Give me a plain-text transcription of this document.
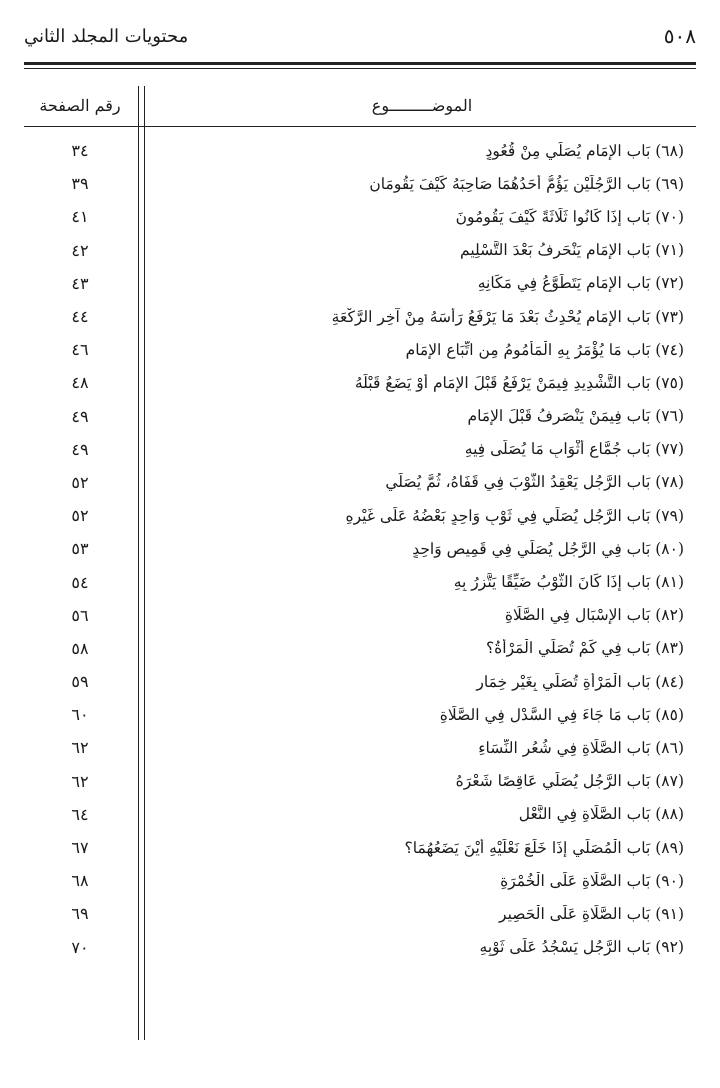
محتويات المجلد الثاني	٥٠٨
الموضـــــــــوع
رقم الصفحة
(٦٨) بَاب الإمَامِ يُصَلِّي مِنْ قُعُودٍ
٣٤
(٦٩) بَاب الرَّجُلَيْنِ يَؤُمُّ أَحَدُهُمَا صَاحِبَهُ كَيْفَ يَقُومَانِ
٣٩
(٧٠) بَاب إِذَا كَانُوا ثَلَاثَةً كَيْفَ يَقُومُونَ
٤١
(٧١) بَاب الإِمَامِ يَنْحَرِفُ بَعْدَ التَّسْلِيمِ
٤٢
(٧٢) بَاب الإِمَامِ يَتَطَوَّعُ فِي مَكَانِهِ
٤٣
(٧٣) بَاب الإِمَامِ يُحْدِثُ بَعْدَ مَا يَرْفَعُ رَأْسَهُ مِنْ آخِرِ الرَّكْعَةِ
٤٤
(٧٤) بَاب مَا يُؤْمَرُ بِهِ الْمَأْمُومُ مِن اتِّبَاعِ الإِمَامِ
٤٦
(٧٥) بَاب التَّشْدِيدِ فِيمَنْ يَرْفَعُ قَبْلَ الإِمَامِ أَوْ يَضَعُ قَبْلَهُ
٤٨
(٧٦) بَاب فِيمَنْ يَنْصَرِفُ قَبْلَ الإِمَامِ
٤٩
(٧٧) بَاب جُمَّاعِ أَثْوَابِ مَا يُصَلَّى فِيهِ
٤٩
(٧٨) بَاب الرَّجُلِ يَعْقِدُ الثَّوْبَ فِي قَفَاهُ، ثُمَّ يُصَلِّي
٥٢
(٧٩) بَاب الرَّجُلِ يُصَلِّي فِي ثَوْبٍ وَاحِدٍ بَعْضُهُ عَلَى غَيْرِهِ
٥٢
(٨٠) بَاب فِي الرَّجُلِ يُصَلِّي فِي قَمِيصٍ وَاحِدٍ
٥٣
(٨١) بَاب إِذَا كَانَ الثَّوْبُ ضَيِّقًا يَتَّزِرُ بِهِ
٥٤
(٨٢) بَاب الإِسْبَالِ فِي الصَّلَاةِ
٥٦
(٨٣) بَاب فِي كَمْ تُصَلِّي الْمَرْأَةُ؟
٥٨
(٨٤) بَاب الْمَرْأَةِ تُصَلِّي بِغَيْرِ خِمَارٍ
٥٩
(٨٥) بَاب مَا جَاءَ فِي السَّدْلِ فِي الصَّلَاةِ
٦٠
(٨٦) بَاب الصَّلَاةِ فِي شُعُرِ النِّسَاءِ
٦٢
(٨٧) بَاب الرَّجُلِ يُصَلِّي عَاقِصًا شَعْرَهُ
٦٢
(٨٨) بَاب الصَّلَاةِ فِي النَّعْلِ
٦٤
(٨٩) بَاب الْمُصَلِّي إِذَا خَلَعَ نَعْلَيْهِ أَيْنَ يَضَعُهُمَا؟
٦٧
(٩٠) بَاب الصَّلَاةِ عَلَى الْخُمْرَةِ
٦٨
(٩١) بَاب الصَّلَاةِ عَلَى الْحَصِيرِ
٦٩
(٩٢) بَاب الرَّجُلِ يَسْجُدُ عَلَى ثَوْبِهِ
٧٠
